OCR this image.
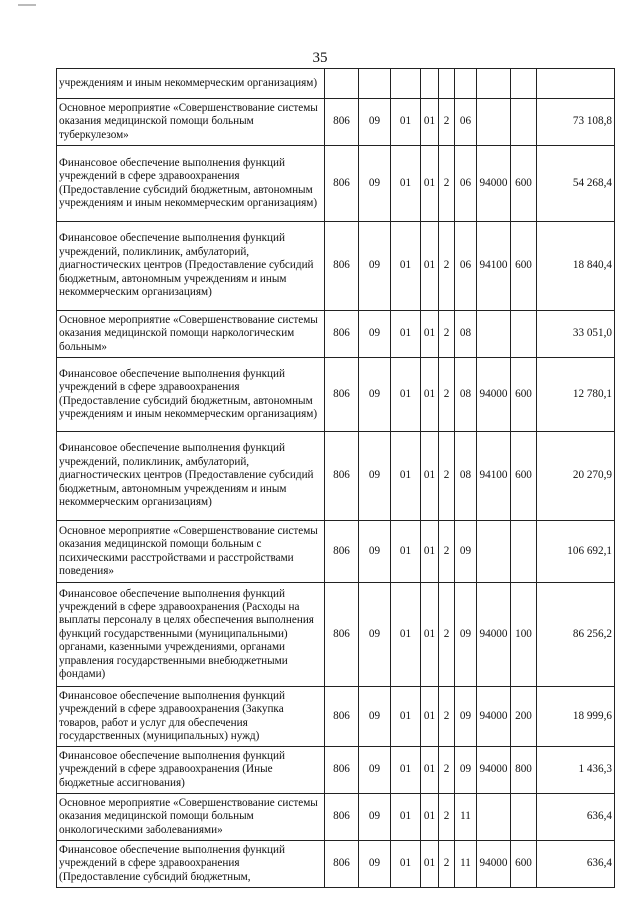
35
учреждениям и иным некоммерческим организациям)									
Основное мероприятие «Совершенствование системы оказания медицинской помощи больным туберкулезом»	806	09	01	01	2	06			73 108,8
Финансовое обеспечение выполнения функций учреждений в сфере здравоохранения (Предоставление субсидий бюджетным, автономным учреждениям и иным некоммерческим организациям)	806	09	01	01	2	06	94000	600	54 268,4
Финансовое обеспечение выполнения функций учреждений, поликлиник, амбулаторий, диагностических центров (Предоставление субсидий бюджетным, автономным учреждениям и иным некоммерческим организациям)	806	09	01	01	2	06	94100	600	18 840,4
Основное мероприятие «Совершенствование системы оказания медицинской помощи наркологическим больным»	806	09	01	01	2	08			33 051,0
Финансовое обеспечение выполнения функций учреждений в сфере здравоохранения (Предоставление субсидий бюджетным, автономным учреждениям и иным некоммерческим организациям)	806	09	01	01	2	08	94000	600	12 780,1
Финансовое обеспечение выполнения функций учреждений, поликлиник, амбулаторий, диагностических центров (Предоставление субсидий бюджетным, автономным учреждениям и иным некоммерческим организациям)	806	09	01	01	2	08	94100	600	20 270,9
Основное мероприятие «Совершенствование системы оказания медицинской помощи больным с психическими расстройствами и расстройствами поведения»	806	09	01	01	2	09			106 692,1
Финансовое обеспечение выполнения функций учреждений в сфере здравоохранения (Расходы на выплаты персоналу в целях обеспечения выполнения функций государственными (муниципальными) органами, казенными учреждениями, органами управления государственными внебюджетными фондами)	806	09	01	01	2	09	94000	100	86 256,2
Финансовое обеспечение выполнения функций учреждений в сфере здравоохранения (Закупка товаров, работ и услуг для обеспечения государственных (муниципальных) нужд)	806	09	01	01	2	09	94000	200	18 999,6
Финансовое обеспечение выполнения функций учреждений в сфере здравоохранения (Иные бюджетные ассигнования)	806	09	01	01	2	09	94000	800	1 436,3
Основное мероприятие «Совершенствование системы оказания медицинской помощи больным онкологическими заболеваниями»	806	09	01	01	2	11			636,4
Финансовое обеспечение выполнения функций учреждений в сфере здравоохранения (Предоставление субсидий бюджетным,	806	09	01	01	2	11	94000	600	636,4
